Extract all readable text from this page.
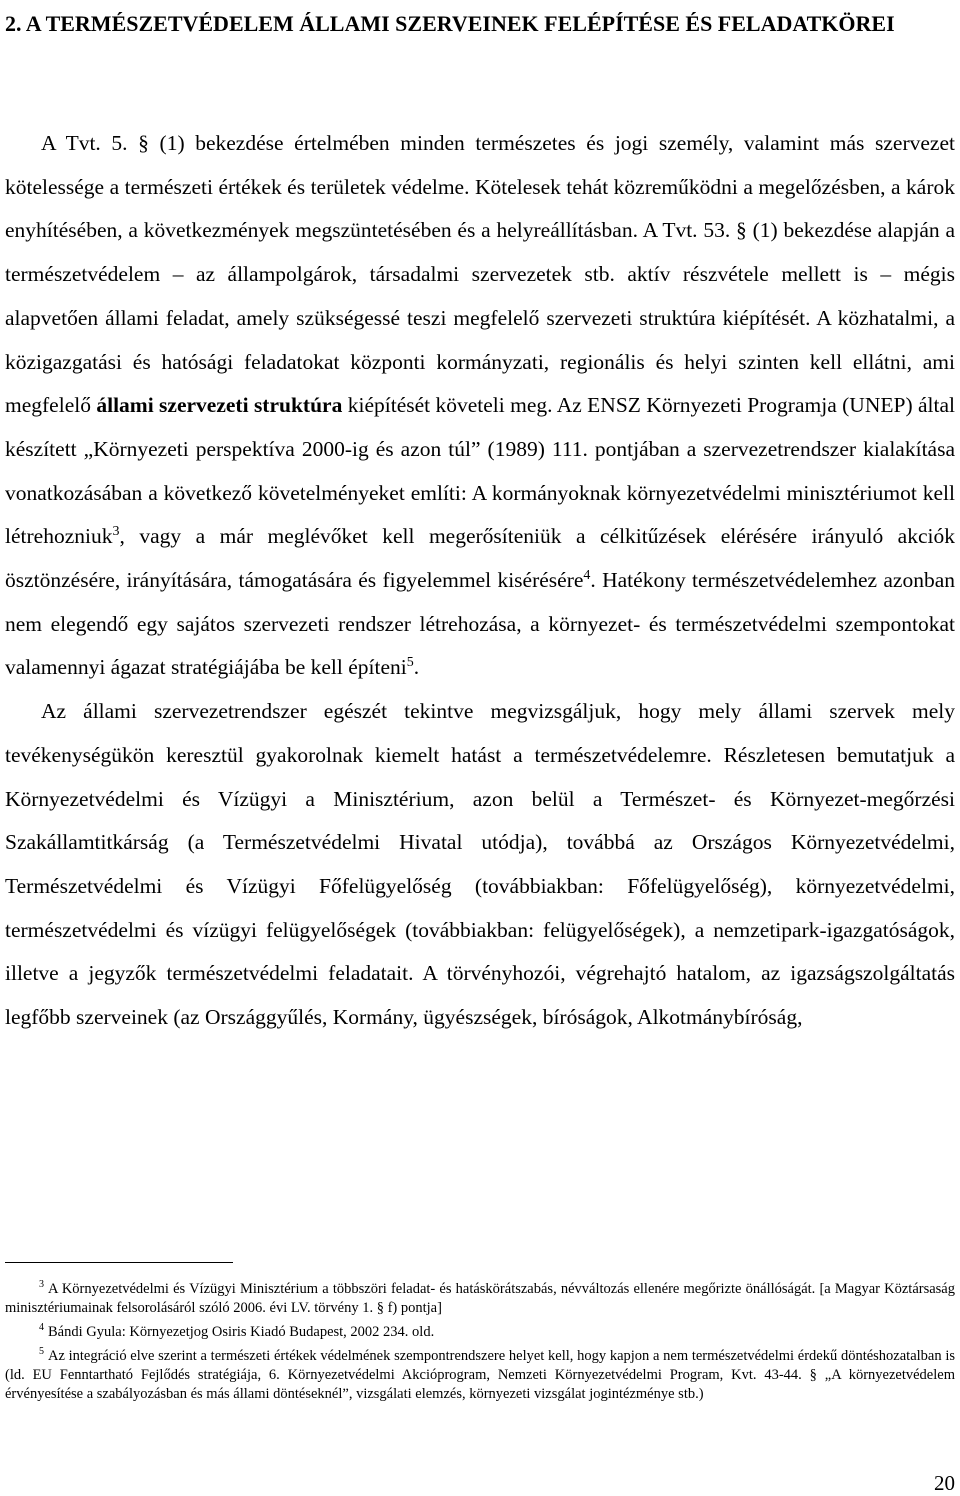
2. A TERMÉSZETVÉDELEM ÁLLAMI SZERVEINEK FELÉPÍTÉSE ÉS FELADATKÖREI

A Tvt. 5. § (1) bekezdése értelmében minden természetes és jogi személy, valamint más szervezet kötelessége a természeti értékek és területek védelme. Kötelesek tehát közreműködni a megelőzésben, a károk enyhítésében, a következmények megszüntetésében és a helyreállításban. A Tvt. 53. § (1) bekezdése alapján a természetvédelem – az állampolgárok, társadalmi szervezetek stb. aktív részvétele mellett is – mégis alapvetően állami feladat, amely szükségessé teszi megfelelő szervezeti struktúra kiépítését. A közhatalmi, a közigazgatási és hatósági feladatokat központi kormányzati, regionális és helyi szinten kell ellátni, ami megfelelő állami szervezeti struktúra kiépítését követeli meg. Az ENSZ Környezeti Programja (UNEP) által készített „Környezeti perspektíva 2000-ig és azon túl” (1989) 111. pontjában a szervezetrendszer kialakítása vonatkozásában a következő követelményeket említi: A kormányoknak környezetvédelmi minisztériumot kell létrehozniuk$^3$, vagy a már meglévőket kell megerősíteniük a célkitűzések elérésére irányuló akciók ösztönzésére, irányítására, támogatására és figyelemmel kisérésére$^4$. Hatékony természetvédelemhez azonban nem elegendő egy sajátos szervezeti rendszer létrehozása, a környezet- és természetvédelmi szempontokat valamennyi ágazat stratégiájába be kell építeni$^5$.

Az állami szervezetrendszer egészét tekintve megvizsgáljuk, hogy mely állami szervek mely tevékenységükön keresztül gyakorolnak kiemelt hatást a természetvédelemre. Részletesen bemutatjuk a Környezetvédelmi és Vízügyi a Minisztérium, azon belül a Természet- és Környezet-megőrzési Szakállamtitkárság (a Természetvédelmi Hivatal utódja), továbbá az Országos Környezetvédelmi, Természetvédelmi és Vízügyi Főfelügyelőség (továbbiakban: Főfelügyelőség), környezetvédelmi, természetvédelmi és vízügyi felügyelőségek (továbbiakban: felügyelőségek), a nemzetipark-igazgatóságok, illetve a jegyzők természetvédelmi feladatait. A törvényhozói, végrehajtó hatalom, az igazságszolgáltatás legfőbb szerveinek (az Országgyűlés, Kormány, ügyészségek, bíróságok, Alkotmánybíróság,

$^3$ A Környezetvédelmi és Vízügyi Minisztérium a többszöri feladat- és hatáskörátszabás, névváltozás ellenére megőrizte önállóságát. [a Magyar Köztársaság minisztériumainak felsorolásáról szóló 2006. évi LV. törvény 1. § f) pontja]

$^4$ Bándi Gyula: Környezetjog Osiris Kiadó Budapest, 2002 234. old.

$^5$ Az integráció elve szerint a természeti értékek védelmének szempontrendszere helyet kell, hogy kapjon a nem természetvédelmi érdekű döntéshozatalban is (ld. EU Fenntartható Fejlődés stratégiája, 6. Környezetvédelmi Akcióprogram, Nemzeti Környezetvédelmi Program, Kvt. 43-44. § „A környezetvédelem érvényesítése a szabályozásban és más állami döntéseknél”, vizsgálati elemzés, környezeti vizsgálat jogintézménye stb.)

20
